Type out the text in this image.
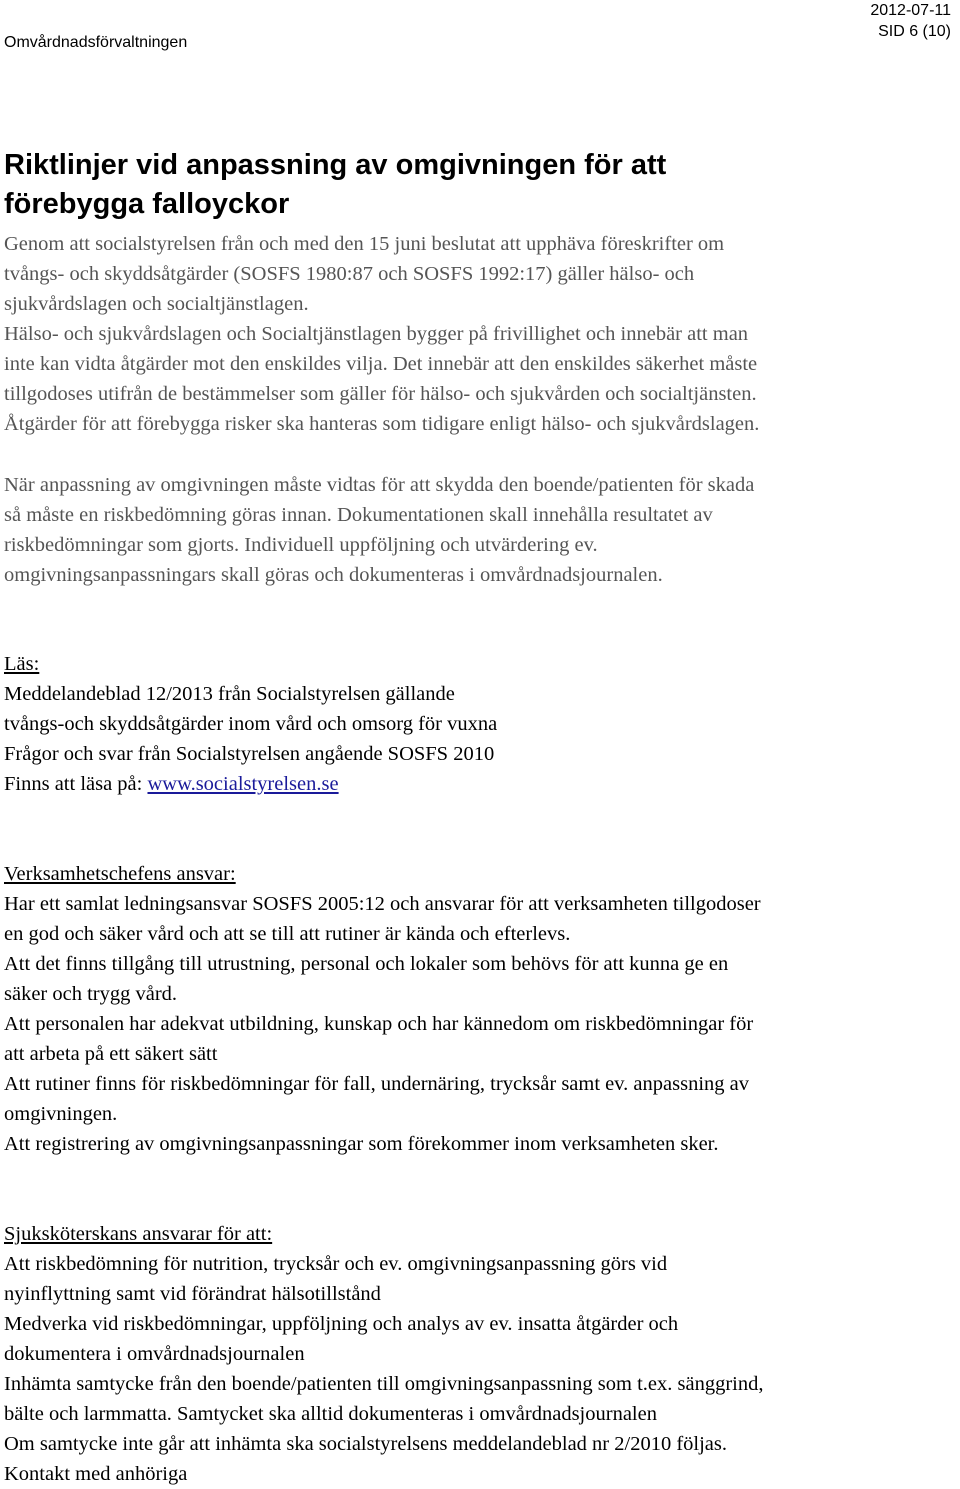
Omvårdnadsförvaltningen
2012-07-11
SID 6 (10)
Riktlinjer vid anpassning av omgivningen för att
förebygga falloyckor
Genom att socialstyrelsen från och med den 15 juni beslutat att upphäva föreskrifter om
tvångs- och skyddsåtgärder (SOSFS 1980:87 och SOSFS 1992:17) gäller hälso- och
sjukvårdslagen och socialtjänstlagen.
Hälso- och sjukvårdslagen och Socialtjänstlagen bygger på frivillighet och innebär att man
inte kan vidta åtgärder mot den enskildes vilja. Det innebär att den enskildes säkerhet måste
tillgodoses utifrån de bestämmelser som gäller för hälso- och sjukvården och socialtjänsten.
Åtgärder för att förebygga risker ska hanteras som tidigare enligt hälso- och sjukvårdslagen.
När anpassning av omgivningen måste vidtas för att skydda den boende/patienten för skada
så måste en riskbedömning göras innan. Dokumentationen skall innehålla resultatet av
riskbedömningar som gjorts. Individuell uppföljning och utvärdering ev.
omgivningsanpassningars skall göras och dokumenteras i omvårdnadsjournalen.
Läs:
Meddelandeblad 12/2013 från Socialstyrelsen gällande
tvångs-och skyddsåtgärder inom vård och omsorg för vuxna
Frågor och svar från Socialstyrelsen angående SOSFS 2010
Finns att läsa på: www.socialstyrelsen.se
Verksamhetschefens ansvar:
Har ett samlat ledningsansvar SOSFS 2005:12 och ansvarar för att verksamheten tillgodoser
en god och säker vård och att se till att rutiner är kända och efterlevs.
Att det finns tillgång till utrustning, personal och lokaler som behövs för att kunna ge en
säker och trygg vård.
Att personalen har adekvat utbildning, kunskap och har kännedom om riskbedömningar för
att arbeta på ett säkert sätt
Att rutiner finns för riskbedömningar för fall, undernäring, trycksår samt ev. anpassning av
omgivningen.
Att registrering av omgivningsanpassningar som förekommer inom verksamheten sker.
Sjuksköterskans ansvarar för att:
Att riskbedömning för nutrition, trycksår och ev. omgivningsanpassning görs vid
nyinflyttning samt vid förändrat hälsotillstånd
Medverka vid riskbedömningar, uppföljning och analys av ev. insatta åtgärder och
dokumentera i omvårdnadsjournalen
Inhämta samtycke från den boende/patienten till omgivningsanpassning som t.ex. sänggrind,
bälte och larmmatta. Samtycket ska alltid dokumenteras i omvårdnadsjournalen
Om samtycke inte går att inhämta ska socialstyrelsens meddelandeblad nr 2/2010 följas.
Kontakt med anhöriga
